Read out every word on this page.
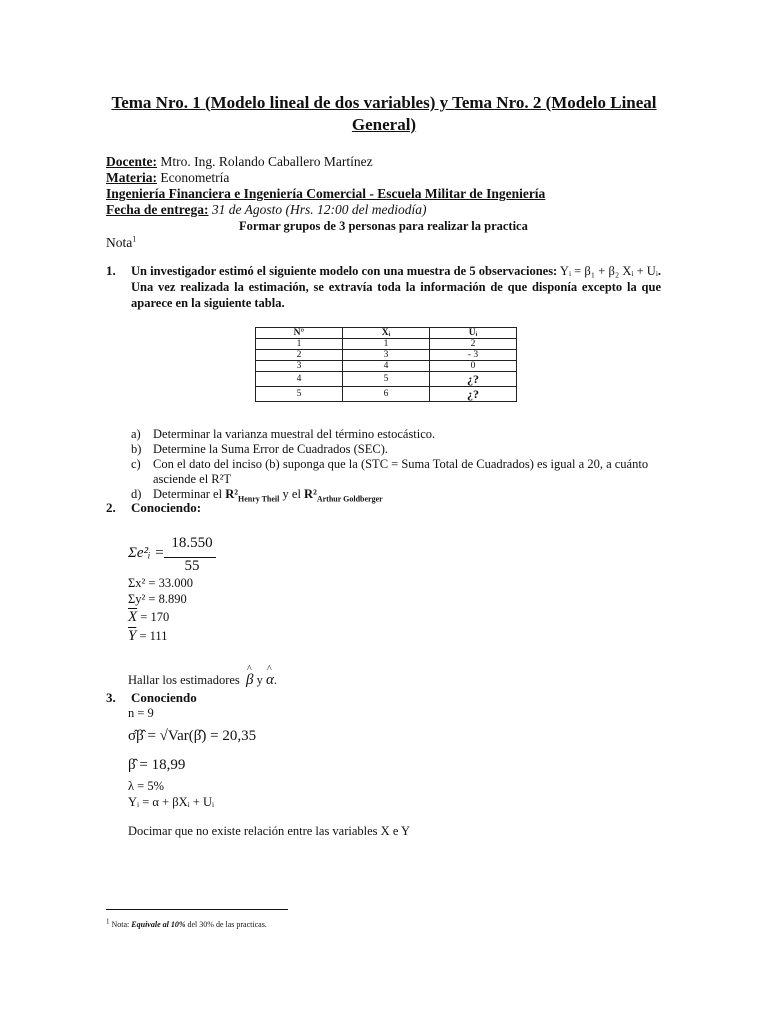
Tema Nro. 1 (Modelo lineal de dos variables) y Tema Nro. 2 (Modelo Lineal General)
Docente: Mtro. Ing. Rolando Caballero Martínez
Materia: Econometría
Ingeniería Financiera e Ingeniería Comercial - Escuela Militar de Ingeniería
Fecha de entrega: 31 de Agosto (Hrs. 12:00 del mediodía)
Formar grupos de 3 personas para realizar la practica
Nota$^1$
1. Un investigador estimó el siguiente modelo con una muestra de 5 observaciones: Yᵢ = β₁ + β₂ Xᵢ + Uᵢ. Una vez realizada la estimación, se extravía toda la información de que disponía excepto la que aparece en la siguiente tabla.
N°	Xᵢ	Uᵢ
1	1	2
2	3	- 3
3	4	0
4	5	¿?
5	6	¿?
a) Determinar la varianza muestral del término estocástico.
b) Determine la Suma Error de Cuadrados (SEC).
c) Con el dato del inciso (b) suponga que la (STC = Suma Total de Cuadrados) es igual a 20, a cuánto asciende el R²T
d) Determinar el $R^2_{Henry Theil}$ y el $R^2_{Arthur Goldberger}$
2. Conociendo:
Σe²ᵢ =
18.550
55
Σx² = 33.000
Σy² = 8.890
$\overline{X} = 170$
$\overline{Y} = 111$
Hallar los estimadores ^ β y ^ α.
3. Conociendo
n = 9
σ̂β̂ = √Var(β̂) = 20,35
β̂ = 18,99
λ = 5%
Yᵢ = α + βXᵢ + Uᵢ
Docimar que no existe relación entre las variables X e Y
$^1$ Nota: Equivale al 10% del 30% de las practicas.
